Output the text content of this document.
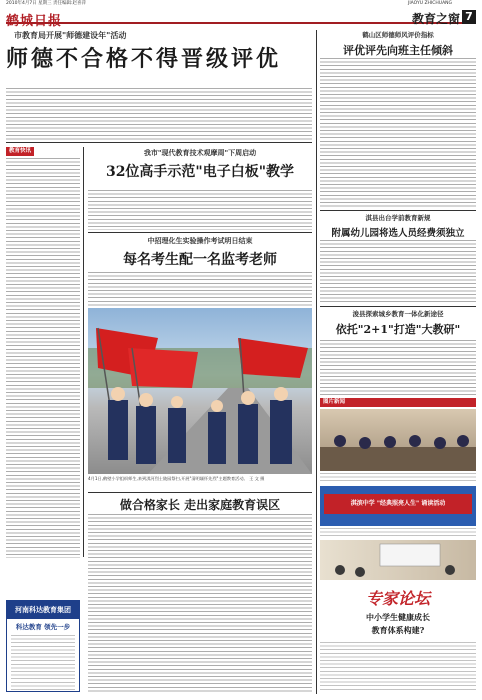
2010年4月7日 星期三 责任编辑:赵喜萍	JIAOYU ZHICHUANG
鹤城日报	教育之窗 7
市教育局开展"师德建设年"活动
师德不合格不得晋级评优
教育快讯	我市"现代教育技术观摩周"下周启动
32位高手示范"电子白板"教学
中招理化生实验操作考试明日结束
每名考生配一名监考老师
4月1日,鹤壁小学组织师生,来到淇河烈士陵园祭扫,开展"清明缅怀先烈"主题教育活动。 王 文 摄
做合格家长 走出家庭教育误区
河南科达教育集团
科达教育 领先一步
鹤山区师德师风评价指标
评优评先向班主任倾斜
淇县出台学前教育新规
附属幼儿园将选人员经费须独立
浚县探索城乡教育一体化新途径
依托"2+1"打造"大教研"
图片新闻
淇滨中学 "经典照亮人生" 诵读活动
专家论坛
中小学生健康成长
教育体系构建?
